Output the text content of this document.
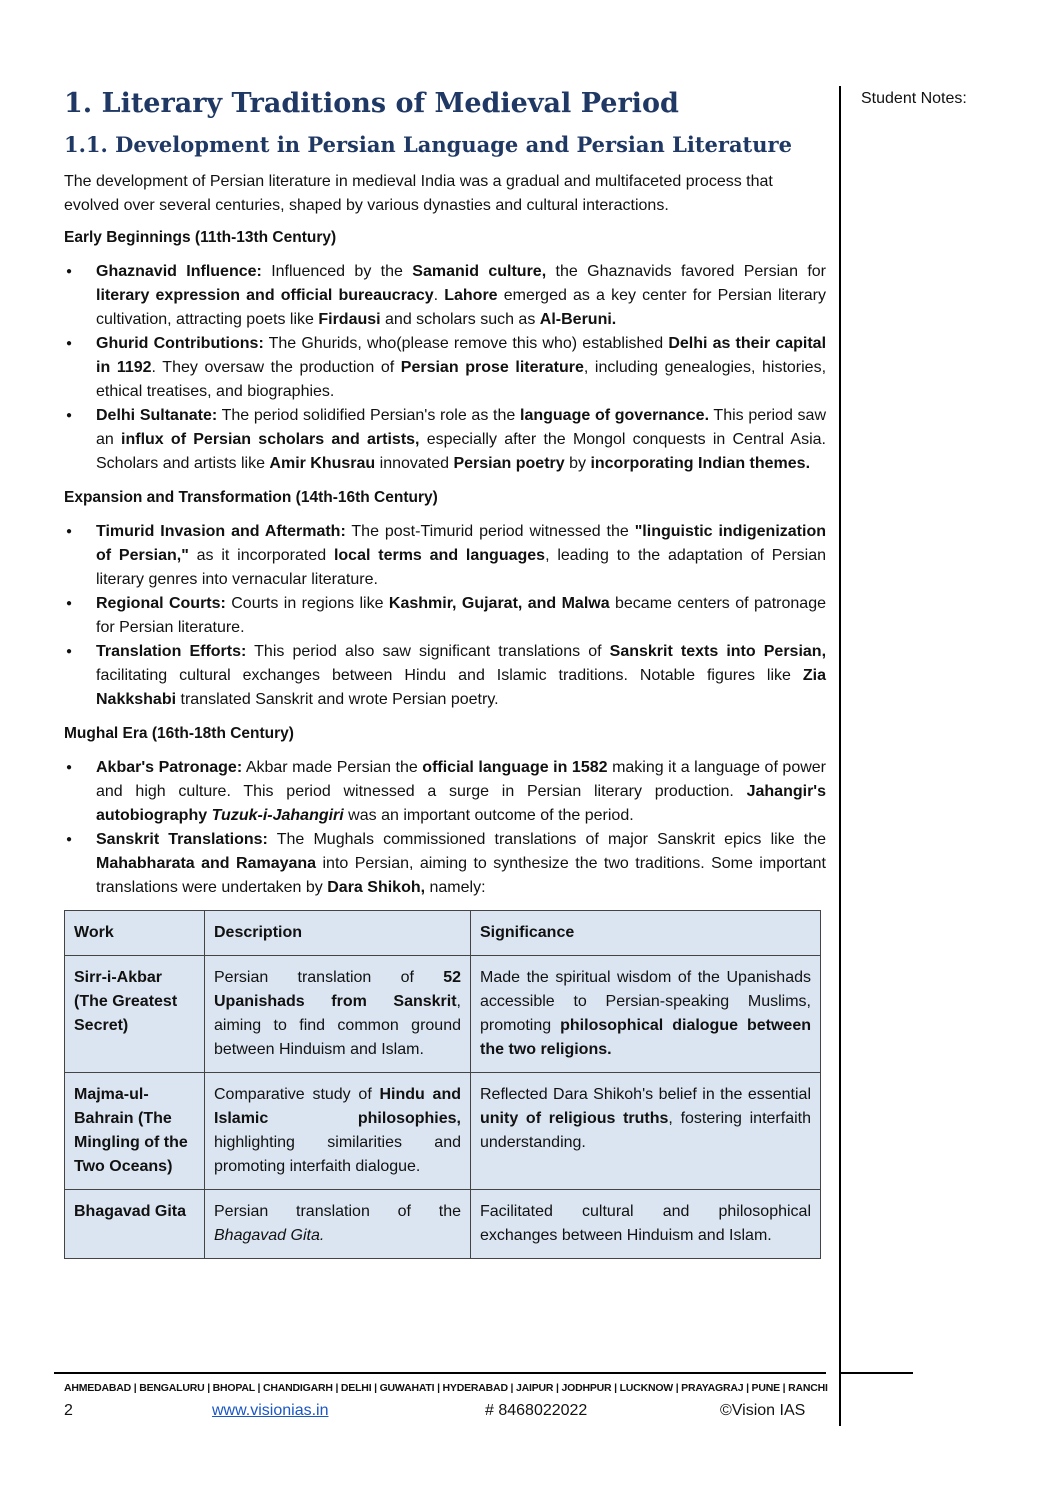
Student Notes:
1. Literary Traditions of Medieval Period
1.1. Development in Persian Language and Persian Literature

The development of Persian literature in medieval India was a gradual and multifaceted process that evolved over several centuries, shaped by various dynasties and cultural interactions.

Early Beginnings (11th-13th Century)

● Ghaznavid Influence: Influenced by the Samanid culture, the Ghaznavids favored Persian for literary expression and official bureaucracy. Lahore emerged as a key center for Persian literary cultivation, attracting poets like Firdausi and scholars such as Al-Beruni.
● Ghurid Contributions: The Ghurids, who(please remove this who) established Delhi as their capital in 1192. They oversaw the production of Persian prose literature, including genealogies, histories, ethical treatises, and biographies.
● Delhi Sultanate: The period solidified Persian's role as the language of governance. This period saw an influx of Persian scholars and artists, especially after the Mongol conquests in Central Asia. Scholars and artists like Amir Khusrau innovated Persian poetry by incorporating Indian themes.

Expansion and Transformation (14th-16th Century)

● Timurid Invasion and Aftermath: The post-Timurid period witnessed the "linguistic indigenization of Persian," as it incorporated local terms and languages, leading to the adaptation of Persian literary genres into vernacular literature.
● Regional Courts: Courts in regions like Kashmir, Gujarat, and Malwa became centers of patronage for Persian literature.
● Translation Efforts: This period also saw significant translations of Sanskrit texts into Persian, facilitating cultural exchanges between Hindu and Islamic traditions. Notable figures like Zia Nakkshabi translated Sanskrit and wrote Persian poetry.

Mughal Era (16th-18th Century)

● Akbar's Patronage: Akbar made Persian the official language in 1582 making it a language of power and high culture. This period witnessed a surge in Persian literary production. Jahangir's autobiography Tuzuk-i-Jahangiri was an important outcome of the period.
● Sanskrit Translations: The Mughals commissioned translations of major Sanskrit epics like the Mahabharata and Ramayana into Persian, aiming to synthesize the two traditions. Some important translations were undertaken by Dara Shikoh, namely:
Work	Description	Significance
Sirr-i-Akbar (The Greatest Secret)	Persian translation of 52 Upanishads from Sanskrit, aiming to find common ground between Hinduism and Islam.	Made the spiritual wisdom of the Upanishads accessible to Persian-speaking Muslims, promoting philosophical dialogue between the two religions.
Majma-ul-Bahrain (The Mingling of the Two Oceans)	Comparative study of Hindu and Islamic philosophies, highlighting similarities and promoting interfaith dialogue.	Reflected Dara Shikoh's belief in the essential unity of religious truths, fostering interfaith understanding.
Bhagavad Gita	Persian translation of the Bhagavad Gita.	Facilitated cultural and philosophical exchanges between Hinduism and Islam.
AHMEDABAD | BENGALURU | BHOPAL | CHANDIGARH | DELHI | GUWAHATI | HYDERABAD | JAIPUR | JODHPUR | LUCKNOW | PRAYAGRAJ | PUNE | RANCHI
2	www.visionias.in	# 8468022022	©Vision IAS
